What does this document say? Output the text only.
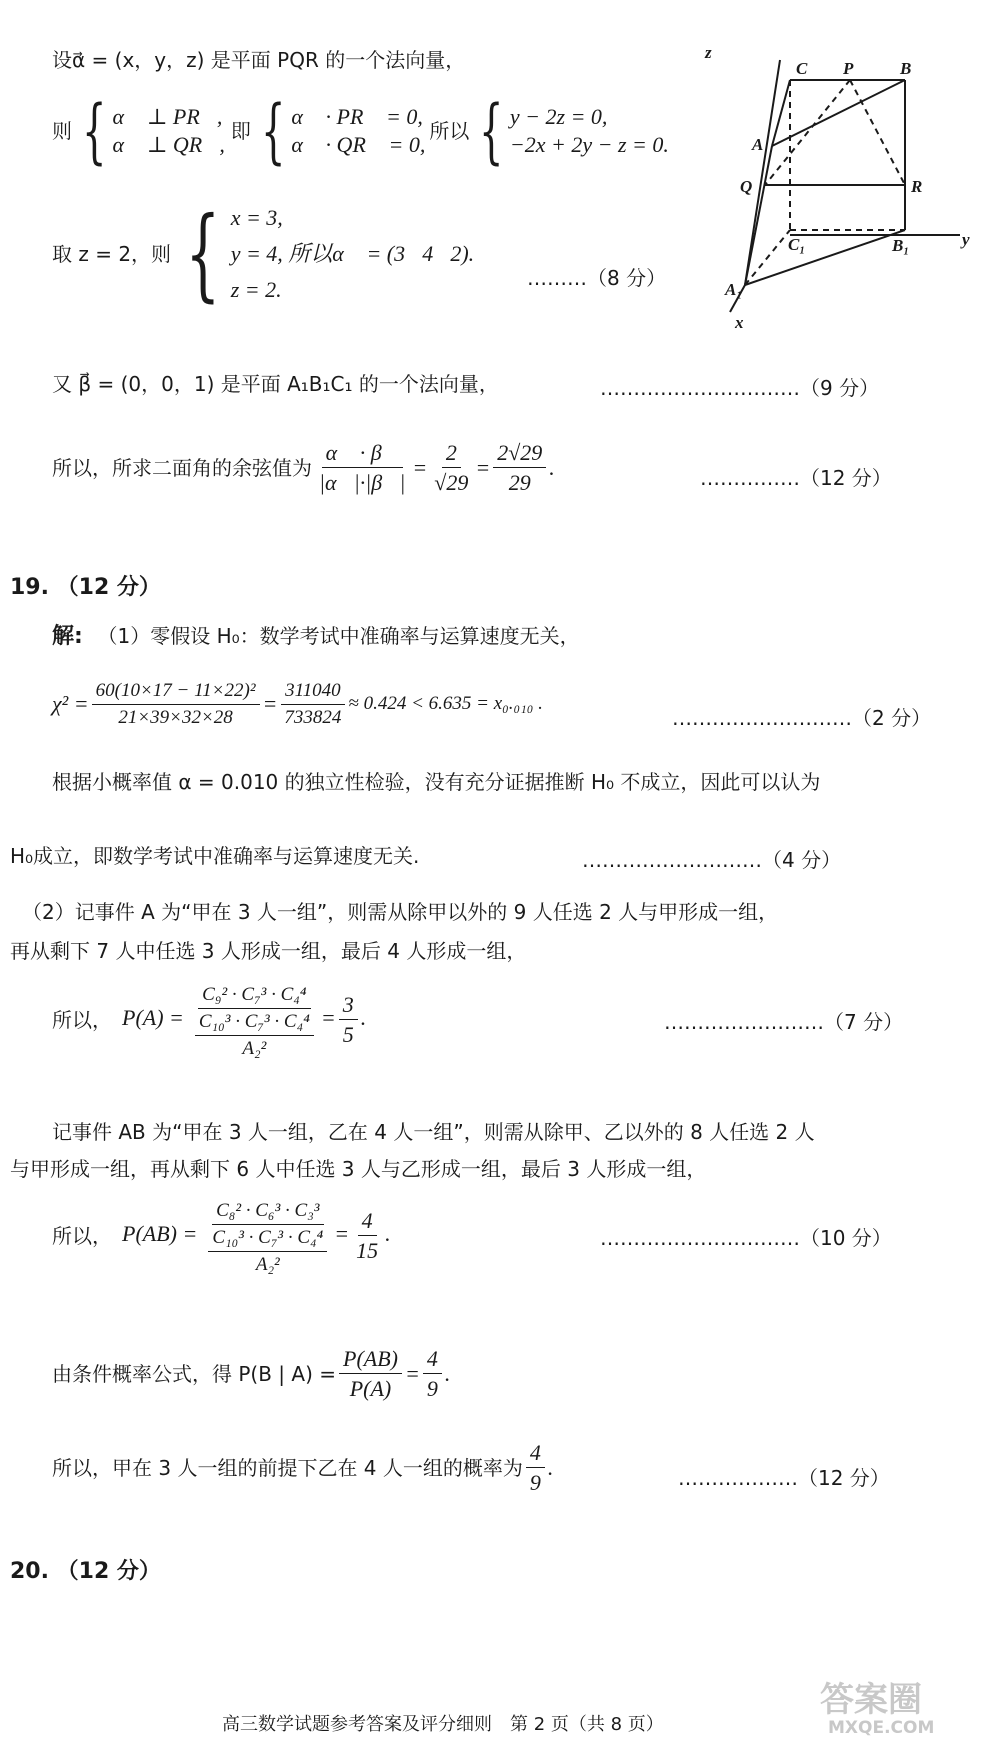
设α⃗ = (x，y，z) 是平面 PQR 的一个法向量，
则 { α⃗ ⊥ PR⃗,
α⃗ ⊥ QR⃗,
即 { α⃗ · PR⃗ = 0,
α⃗ · QR⃗ = 0,
所以 { y − 2z = 0,
−2x + 2y − z = 0.
取 z = 2，则 { x = 3,
y = 4, 所以α⃗ = (3，4，2).
z = 2.	………（8 分）
又 β⃗ = (0，0，1) 是平面 A₁B₁C₁ 的一个法向量，	…………………………（9 分）
所以，所求二面角的余弦值为 $\frac{\alpha⃗ \cdot \beta⃗}{|\alpha⃗|\cdot|\beta⃗|} = \frac{2}{√29} = \frac{2√29}{29}$ .	……………（12 分）
z
C P	B
A
Q	R
C₁	B₁	y
A₁
x
19. （12 分）
解: （1）零假设 H₀：数学考试中准确率与运算速度无关，
$\chi^2 = \frac{\text{60(10×17 − 11×22)²}}{21\times 39\times 32\times 28} = \frac{311040}{733824} \approx 0.424 < 6.635 = x_0._{010}$ .
………………………（2 分）
根据小概率值 α = 0.010 的独立性检验，没有充分证据推断 H₀ 不成立，因此可以认为
H₀成立，即数学考试中准确率与运算速度无关.	………………………（4 分）
（2）记事件 A 为“甲在 3 人一组”，则需从除甲以外的 9 人任选 2 人与甲形成一组，
再从剩下 7 人中任选 3 人形成一组，最后 4 人形成一组，
所以， P(A) = C₉² · C₇³ · C₄⁴
C₁₀³ · C₇³ · C₄⁴
$A_2^2 = \frac{3}{5}$ .	……………………（7 分）
记事件 AB 为“甲在 3 人一组，乙在 4 人一组”，则需从除甲、乙以外的 8 人任选 2 人
与甲形成一组，再从剩下 6 人中任选 3 人与乙形成一组，最后 3 人形成一组，
所以， P(AB) = C₈² · C₆³ · C₃³
C₁₀³ · C₇³ · C₄⁴
$A_2^2 = \frac{4}{15}$ .	…………………………（10 分）
由条件概率公式，得 P(B | $A) = \frac{P(AB)}{P(A)} = \frac{4}{9}$ .
所以，甲在 3 人一组的前提下乙在 4 人一组的概率为 $\frac{4}{9}$ .	………………（12 分）
20. （12 分）
高三数学试题参考答案及评分细则　第 2 页（共 8 页）
答案圈
MXQE.COM
